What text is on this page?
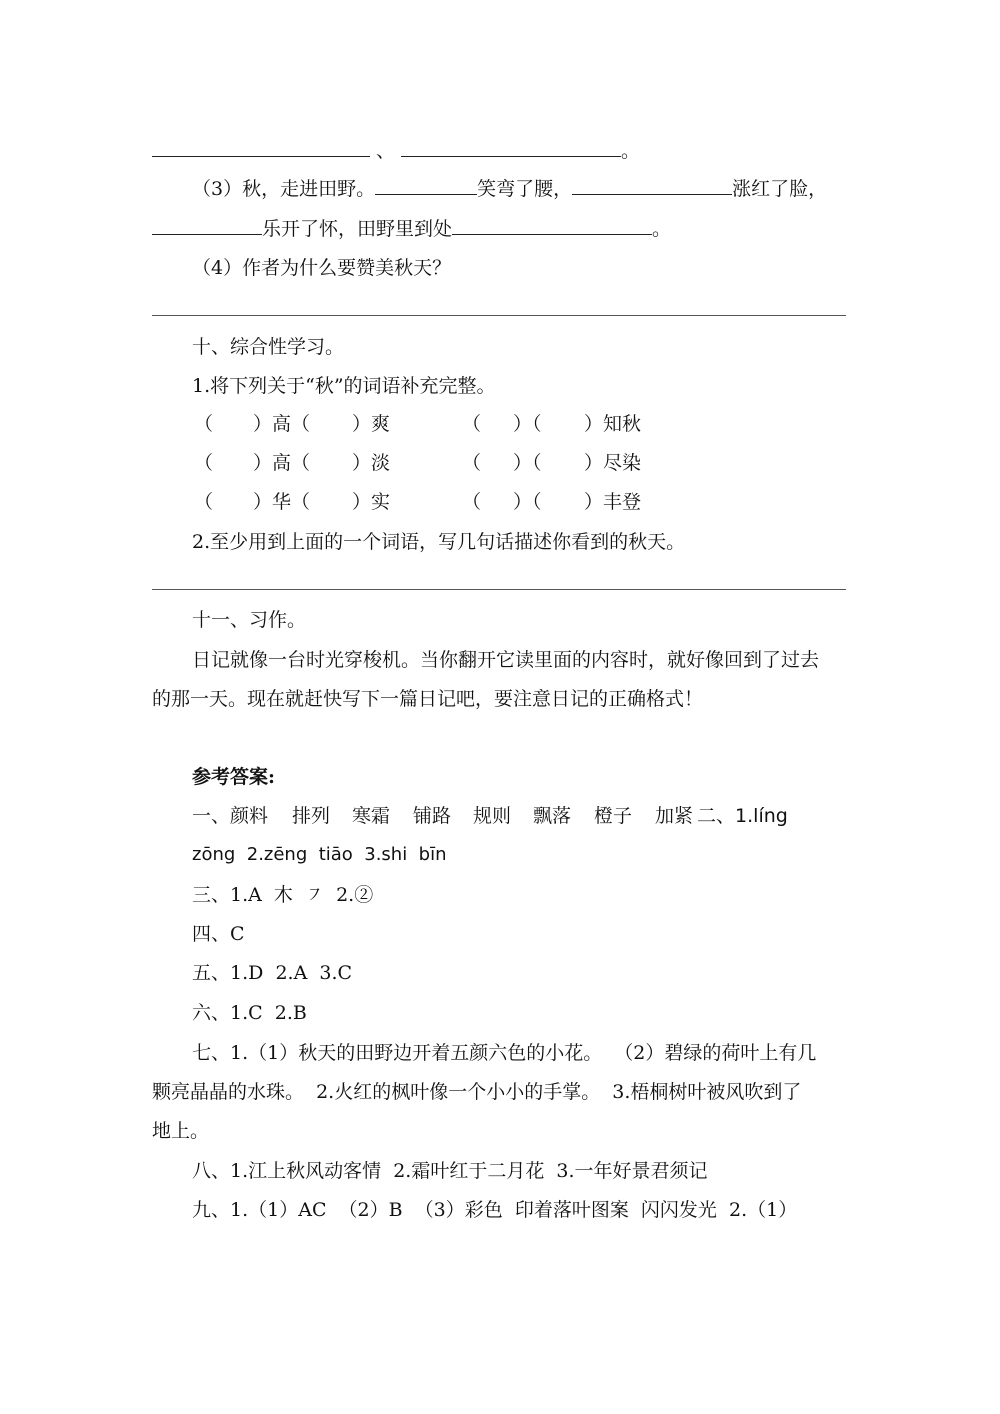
、	。
（3）秋，走进田野。	笑弯了腰，	涨红了脸，
乐开了怀，田野里到处	。
（4）作者为什么要赞美秋天？
十、综合性学习。
1.将下列关于“秋”的词语补充完整。
（ ）高（ ）爽	（ ）（ ）知秋
（ ）高（ ）淡	（ ）（ ）尽染
（ ）华（ ）实	（ ）（ ）丰登
2.至少用到上面的一个词语，写几句话描述你看到的秋天。
十一、习作。
日记就像一台时光穿梭机。当你翻开它读里面的内容时，就好像回到了过去
的那一天。现在就赶快写下一篇日记吧，要注意日记的正确格式！
参考答案:
一、颜料 排列 寒霜 铺路 规则 飘落 橙子 加紧 二、1.líng
zōng  2.zēng  tiāo  3.shi  bīn
三、1.A  木  ㇇  2.②
四、C
五、1.D  2.A  3.C
六、1.C  2.B
七、1.（1）秋天的田野边开着五颜六色的小花。  （2）碧绿的荷叶上有几
颗亮晶晶的水珠。  2.火红的枫叶像一个小小的手掌。  3.梧桐树叶被风吹到了
地上。
八、1.江上秋风动客情  2.霜叶红于二月花  3.一年好景君须记
九、1.（1）AC  （2）B  （3）彩色  印着落叶图案  闪闪发光  2.（1）
